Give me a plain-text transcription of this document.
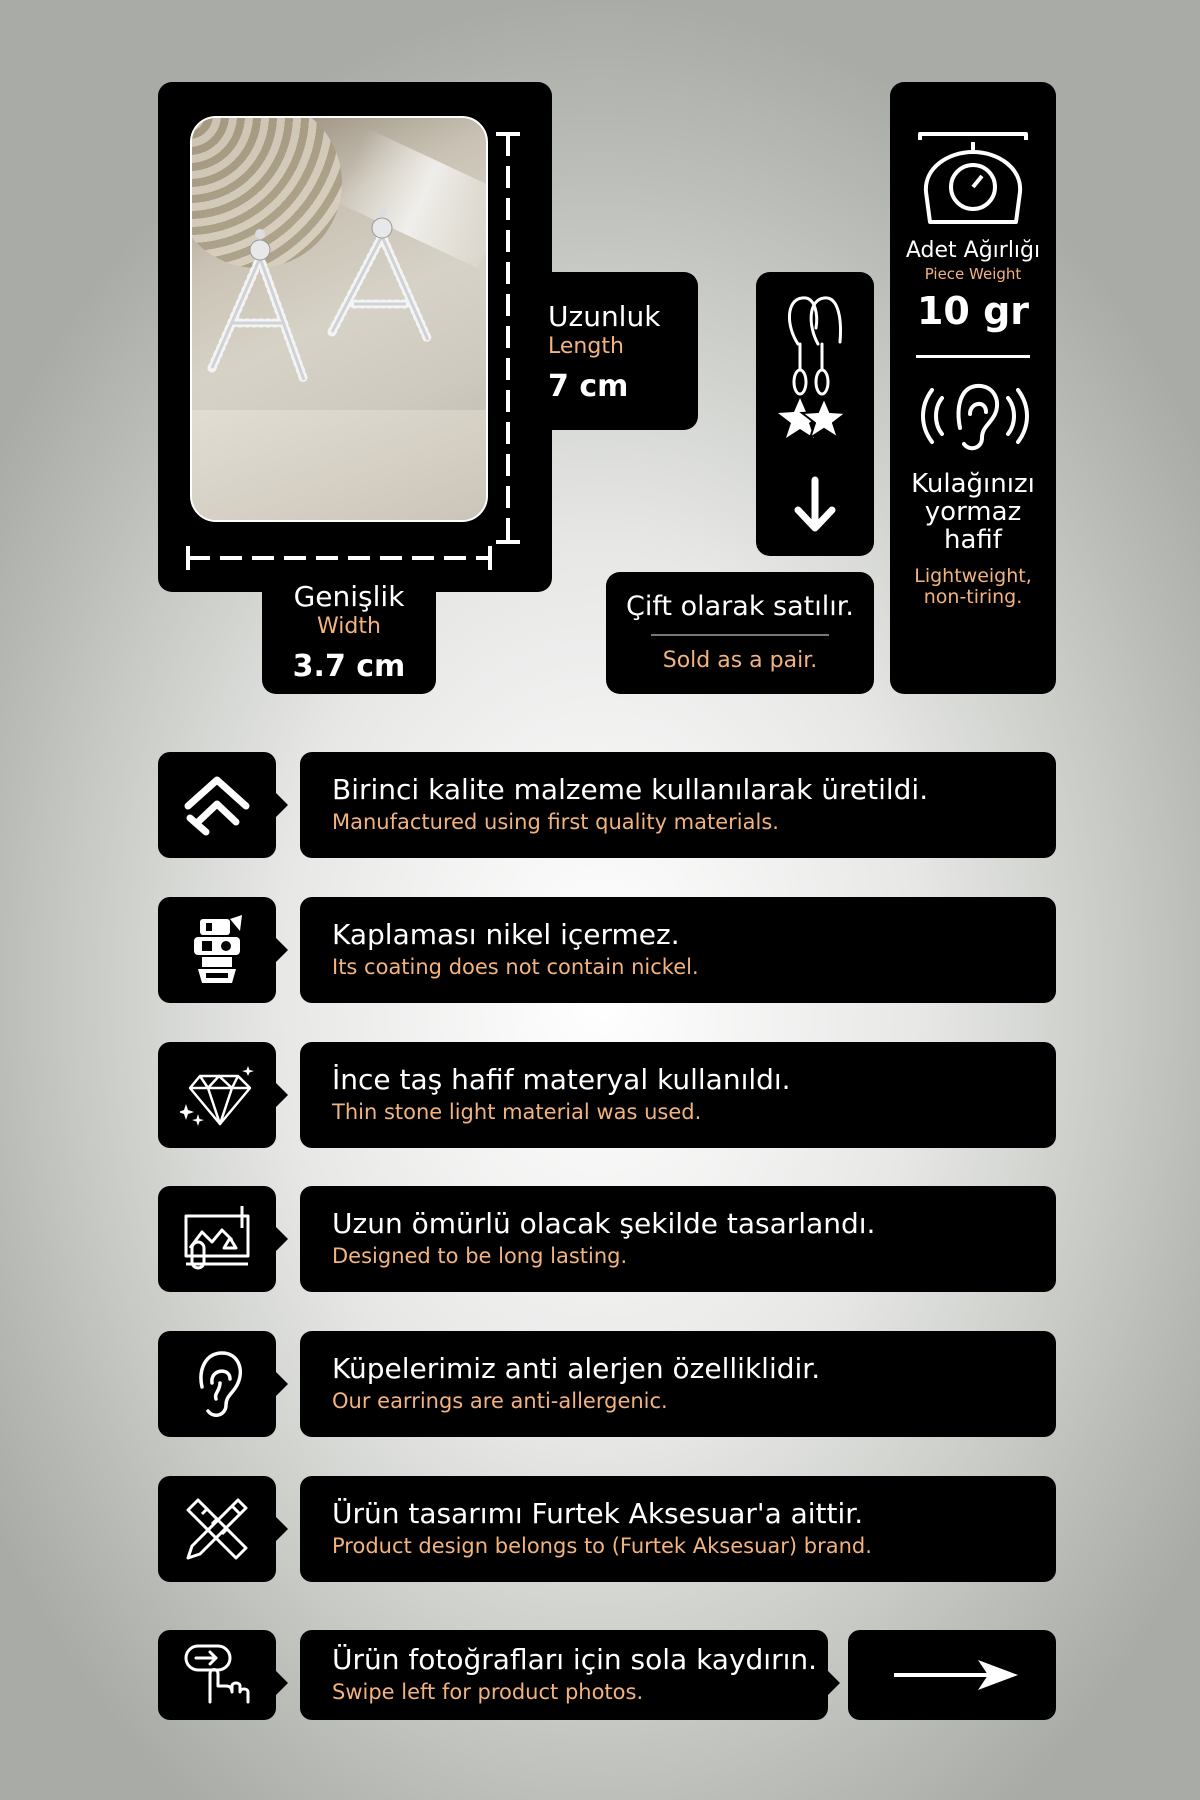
Uzunluk
Length
7 cm
Genişlik
Width
3.7 cm
Çift olarak satılır.
Sold as a pair.
Adet Ağırlığı
Piece Weight
10 gr
Kulağınızı yormaz hafif
Lightweight, non-tiring.
Birinci kalite malzeme kullanılarak üretildi.
Manufactured using first quality materials.
Kaplaması nikel içermez.
Its coating does not contain nickel.
İnce taş hafif materyal kullanıldı.
Thin stone light material was used.
Uzun ömürlü olacak şekilde tasarlandı.
Designed to be long lasting.
Küpelerimiz anti alerjen özelliklidir.
Our earrings are anti-allergenic.
Ürün tasarımı Furtek Aksesuar'a aittir.
Product design belongs to (Furtek Aksesuar) brand.
Ürün fotoğrafları için sola kaydırın.
Swipe left for product photos.
